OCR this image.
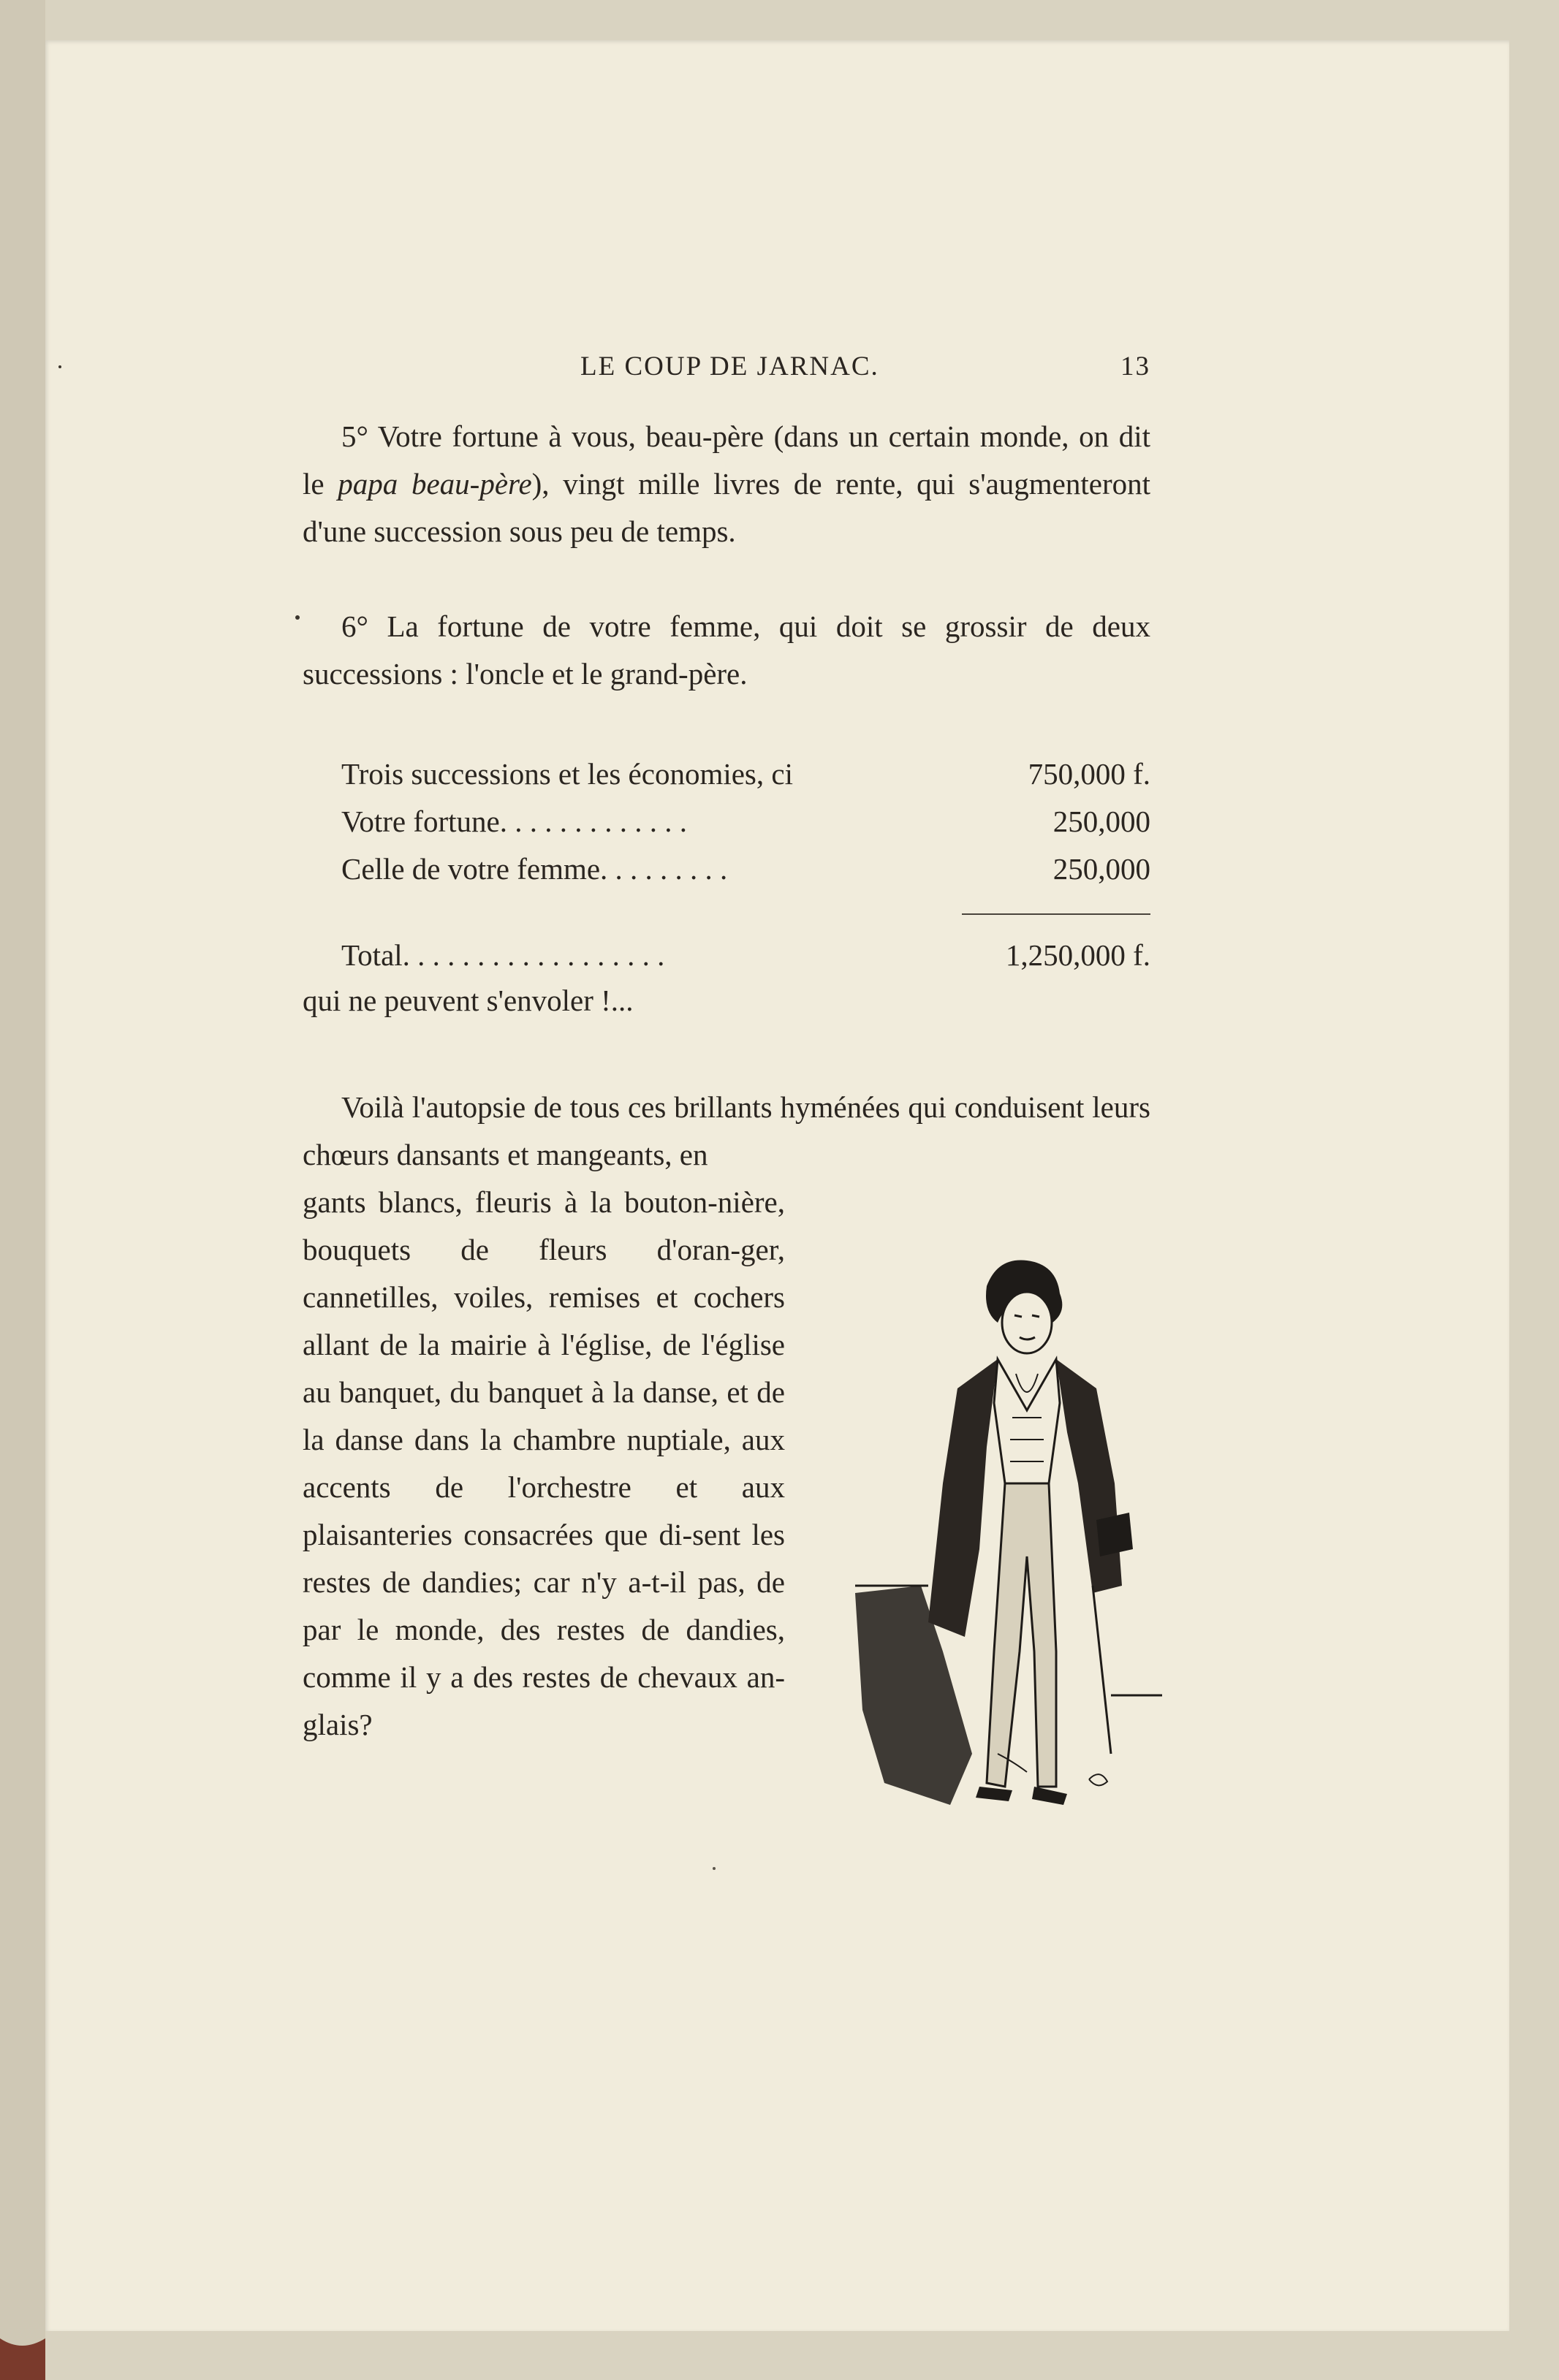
LE COUP DE JARNAC.	13
5° Votre fortune à vous, beau-père (dans un certain monde, on dit le papa beau-père), vingt mille livres de rente, qui s'augmenteront d'une succession sous peu de temps.
6° La fortune de votre femme, qui doit se grossir de deux successions : l'oncle et le grand-père.
Trois successions et les économies, ci	750,000 f.
Votre fortune. . . . . . . . . . . . .	250,000
Celle de votre femme. . . . . . . . .	250,000
Total. . . . . . . . . . . . . . . . . .	1,250,000 f.
qui ne peuvent s'envoler !...
Voilà l'autopsie de tous ces brillants hyménées qui conduisent leurs chœurs dansants et mangeants, en
gants blancs, fleuris à la bouton-nière, bouquets de fleurs d'oran-ger, cannetilles, voiles, remises et cochers allant de la mairie à l'église, de l'église au banquet, du banquet à la danse, et de la danse dans la chambre nuptiale, aux accents de l'orchestre et aux plaisanteries consacrées que di-sent les restes de dandies; car n'y a-t-il pas, de par le monde, des restes de dandies, comme il y a des restes de chevaux an-glais?
